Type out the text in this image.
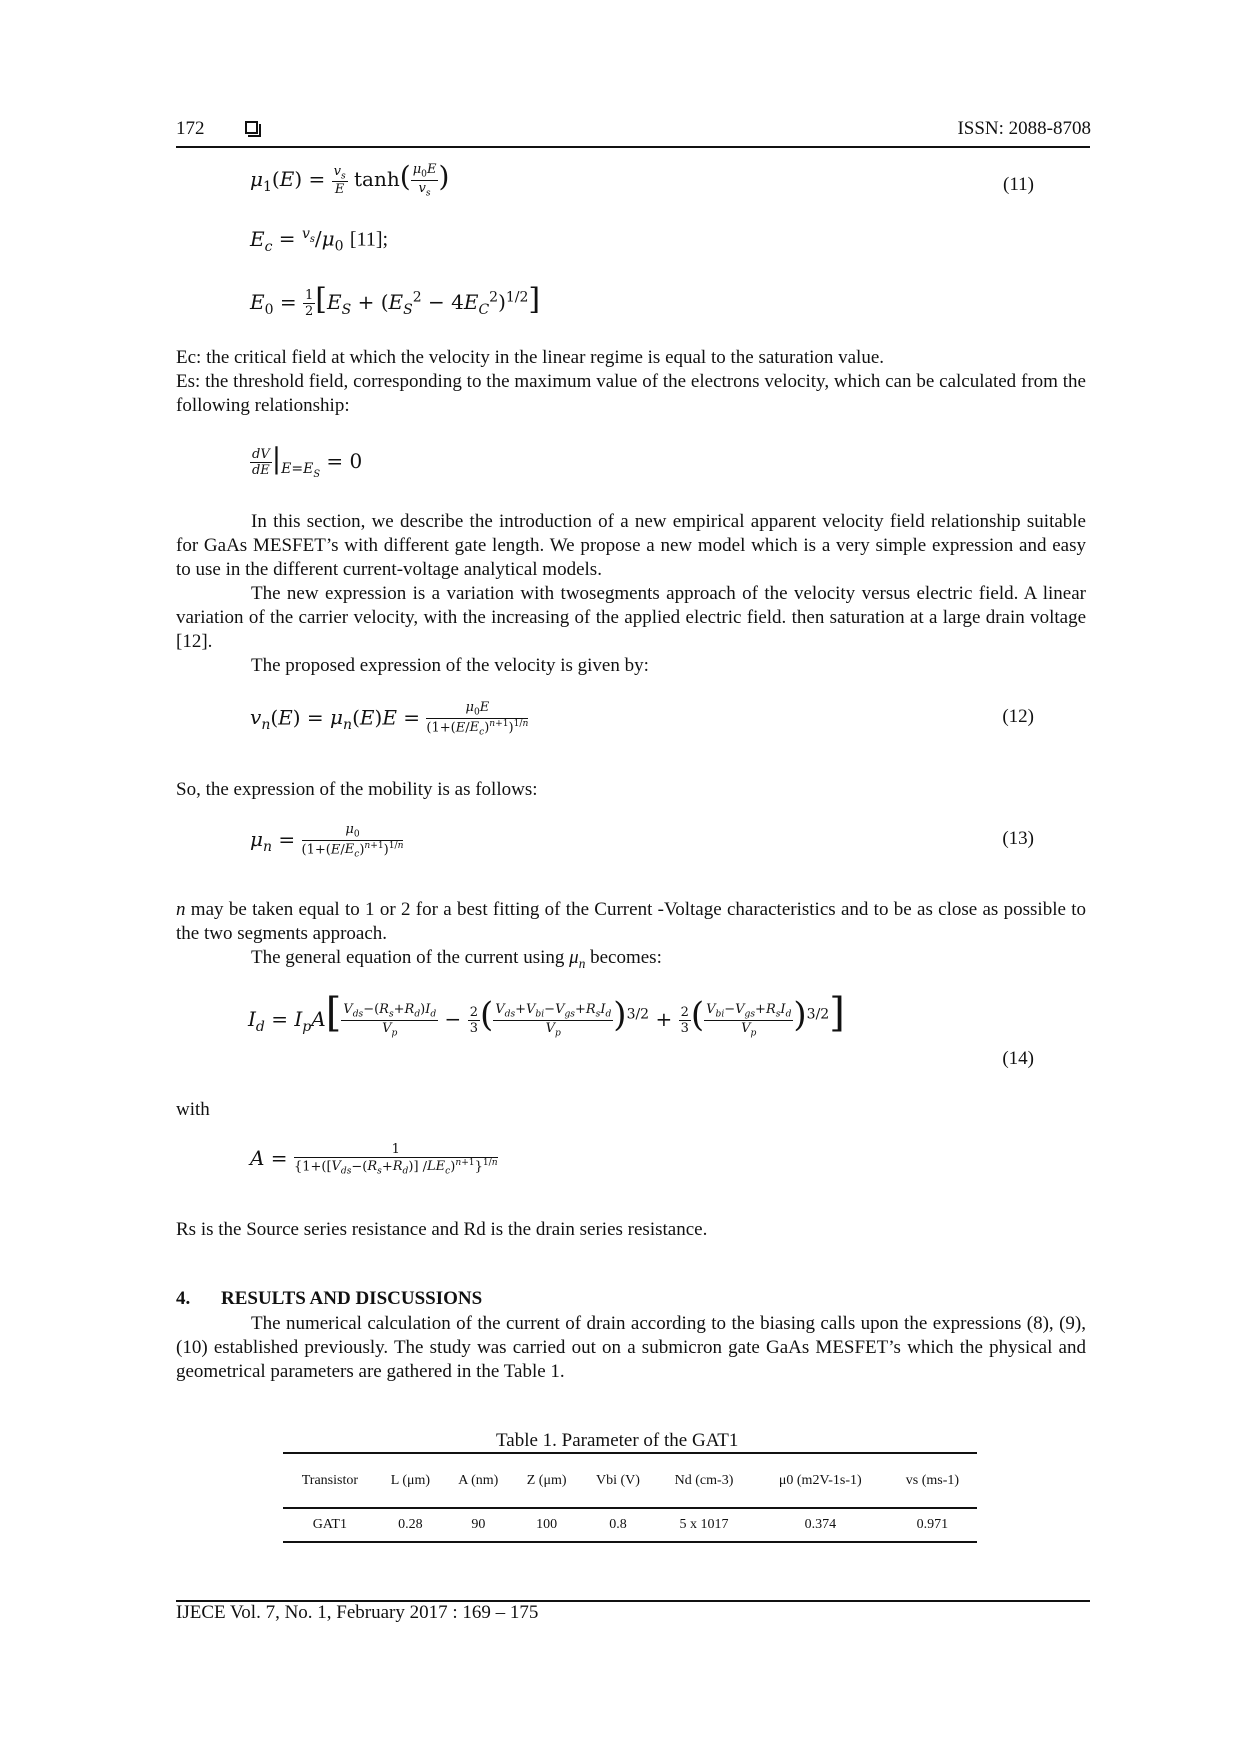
172	ISSN: 2088-8708
$\mu_1(E) = \frac{v_s}{E} \tanh( \frac{\mu_0E}{v_s}$ )	(11)
$E_c = ^{v_s}/\mu_0$ [11];
$E_0 = \frac{1}{2} [E_S + (E_S^2 - 4E_C^2)^{1/2}]$
Ec: the critical field at which the velocity in the linear regime is equal to the saturation value.
Es: the threshold field, corresponding to the maximum value of the electrons velocity, which can be calculated from the following relationship:
$\frac{dV}{dE} |_{E=E_S} = 0$
In this section, we describe the introduction of a new empirical apparent velocity field relationship suitable for GaAs MESFET’s with different gate length. We propose a new model which is a very simple expression and easy to use in the different current-voltage analytical models.
The new expression is a variation with twosegments approach of the velocity versus electric field. A linear variation of the carrier velocity, with the increasing of the applied electric field. then saturation at a large drain voltage [12].
The proposed expression of the velocity is given by:
$v_n(E) = \mu_n(E)E = \frac{\mu_0E}{(1+(E/E_c)^{n+1})^{1/n}}$	(12)
So, the expression of the mobility is as follows:
$\mu_n = \frac{\mu_0}{(1+(E/E_c)^{n+1})^{1/n}}$	(13)
n may be taken equal to 1 or 2 for a best fitting of the Current -Voltage characteristics and to be as close as possible to the two segments approach.
The general equation of the current using $\mu_n$ becomes:
$I_d = I_pA[ \frac{V_{ds}-(R_s+R_d)I_d}{V_p} - \frac{2}{3}$ ( $\frac{V_{ds}+V_{bi}-V_{gs}+R_sI_d}{V_p} )^{3/2} + \frac{2}{3}$ ( $\frac{V_{bi}-V_{gs}+R_sI_d}{V_p} )^{3/2}$]
(14)
with
$A = \frac{1}{\{1+([V_{ds}-(R_s+R_d)] /LE_c)^{n+1}\}^{1/n}}$
Rs is the Source series resistance and Rd is the drain series resistance.
4. RESULTS AND DISCUSSIONS
The numerical calculation of the current of drain according to the biasing calls upon the expressions (8), (9), (10) established previously. The study was carried out on a submicron gate GaAs MESFET’s which the physical and geometrical parameters are gathered in the Table 1.
Table 1. Parameter of the GAT1
Transistor	L (μm)	A (nm)	Z (μm)	Vbi (V)	Nd (cm-3)	μ0 (m2V-1s-1)	vs (ms-1)
GAT1	0.28	90	100	0.8	5 x 1017	0.374	0.971
IJECE Vol. 7, No. 1, February 2017 : 169 – 175
